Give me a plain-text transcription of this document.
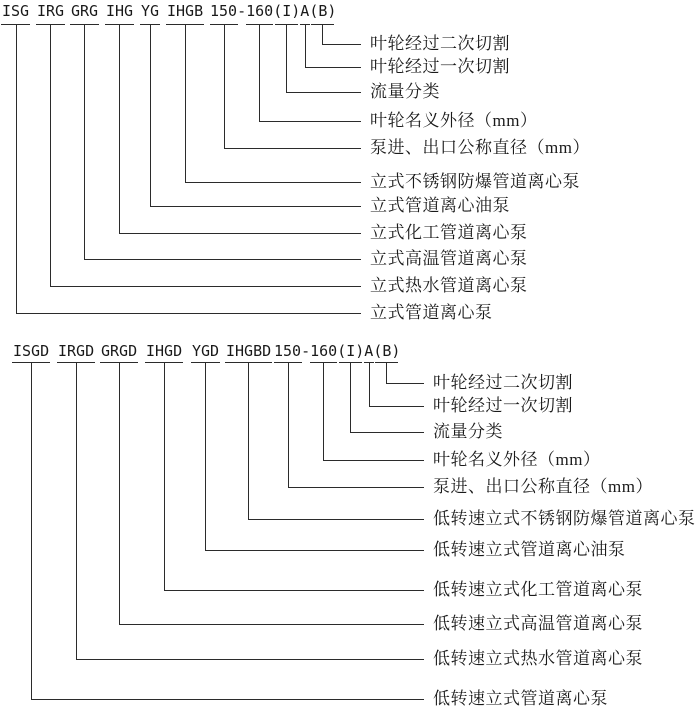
ISG IRG GRG IHG YG IHGB 150-160(I)A(B)
叶轮经过二次切割
叶轮经过一次切割
流量分类
叶轮名义外径（mm）
泵进、出口公称直径（mm）
立式不锈钢防爆管道离心泵
立式管道离心油泵
立式化工管道离心泵
立式高温管道离心泵
立式热水管道离心泵
立式管道离心泵
ISGD IRGD GRGD IHGD YGD IHGBD 150-160(I)A(B)
叶轮经过二次切割
叶轮经过一次切割
流量分类
叶轮名义外径（mm）
泵进、出口公称直径（mm）
低转速立式不锈钢防爆管道离心泵
低转速立式管道离心油泵
低转速立式化工管道离心泵
低转速立式高温管道离心泵
低转速立式热水管道离心泵
低转速立式管道离心泵
